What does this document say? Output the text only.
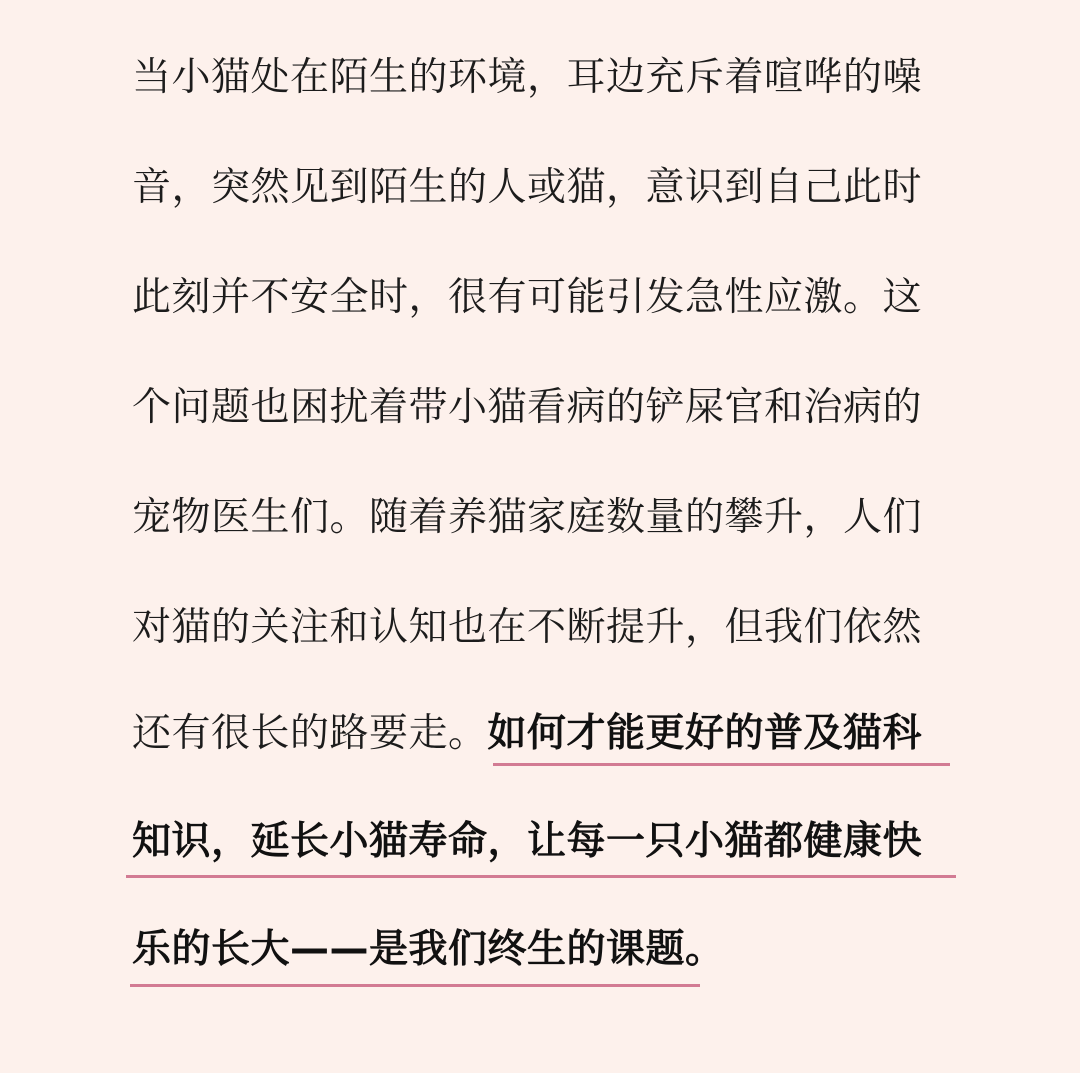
当小猫处在陌生的环境，耳边充斥着喧哗的噪
音，突然见到陌生的人或猫，意识到自己此时
此刻并不安全时，很有可能引发急性应激。这
个问题也困扰着带小猫看病的铲屎官和治病的
宠物医生们。随着养猫家庭数量的攀升，人们
对猫的关注和认知也在不断提升，但我们依然
还有很长的路要走。如何才能更好的普及猫科
知识，延长小猫寿命，让每一只小猫都健康快
乐的长大——是我们终生的课题。
